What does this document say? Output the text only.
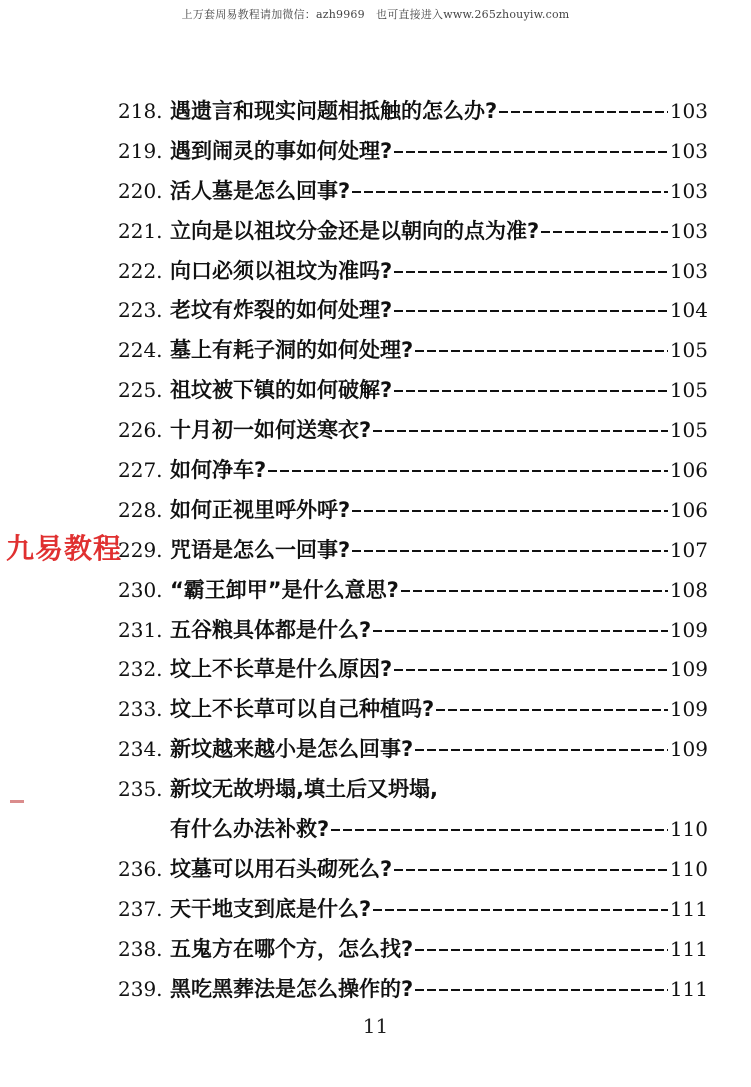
上万套周易教程请加微信：azh9969　也可直接进入www.265zhouyiw.com
九易教程
218. 遇遗言和现实问题相抵触的怎么办?	103
219. 遇到闹灵的事如何处理?	103
220. 活人墓是怎么回事?	103
221. 立向是以祖坟分金还是以朝向的点为准?	103
222. 向口必须以祖坟为准吗?	103
223. 老坟有炸裂的如何处理?	104
224. 墓上有耗子洞的如何处理?	105
225. 祖坟被下镇的如何破解?	105
226. 十月初一如何送寒衣?	105
227. 如何净车?	106
228. 如何正视里呼外呼?	106
229. 咒语是怎么一回事?	107
230. “霸王卸甲”是什么意思?	108
231. 五谷粮具体都是什么?	109
232. 坟上不长草是什么原因?	109
233. 坟上不长草可以自己种植吗?	109
234. 新坟越来越小是怎么回事?	109
235. 新坟无故坍塌,填土后又坍塌,
有什么办法补救?	110
236. 坟墓可以用石头砌死么?	110
237. 天干地支到底是什么?	111
238. 五鬼方在哪个方，怎么找?	111
239. 黑吃黑葬法是怎么操作的?	111
11
